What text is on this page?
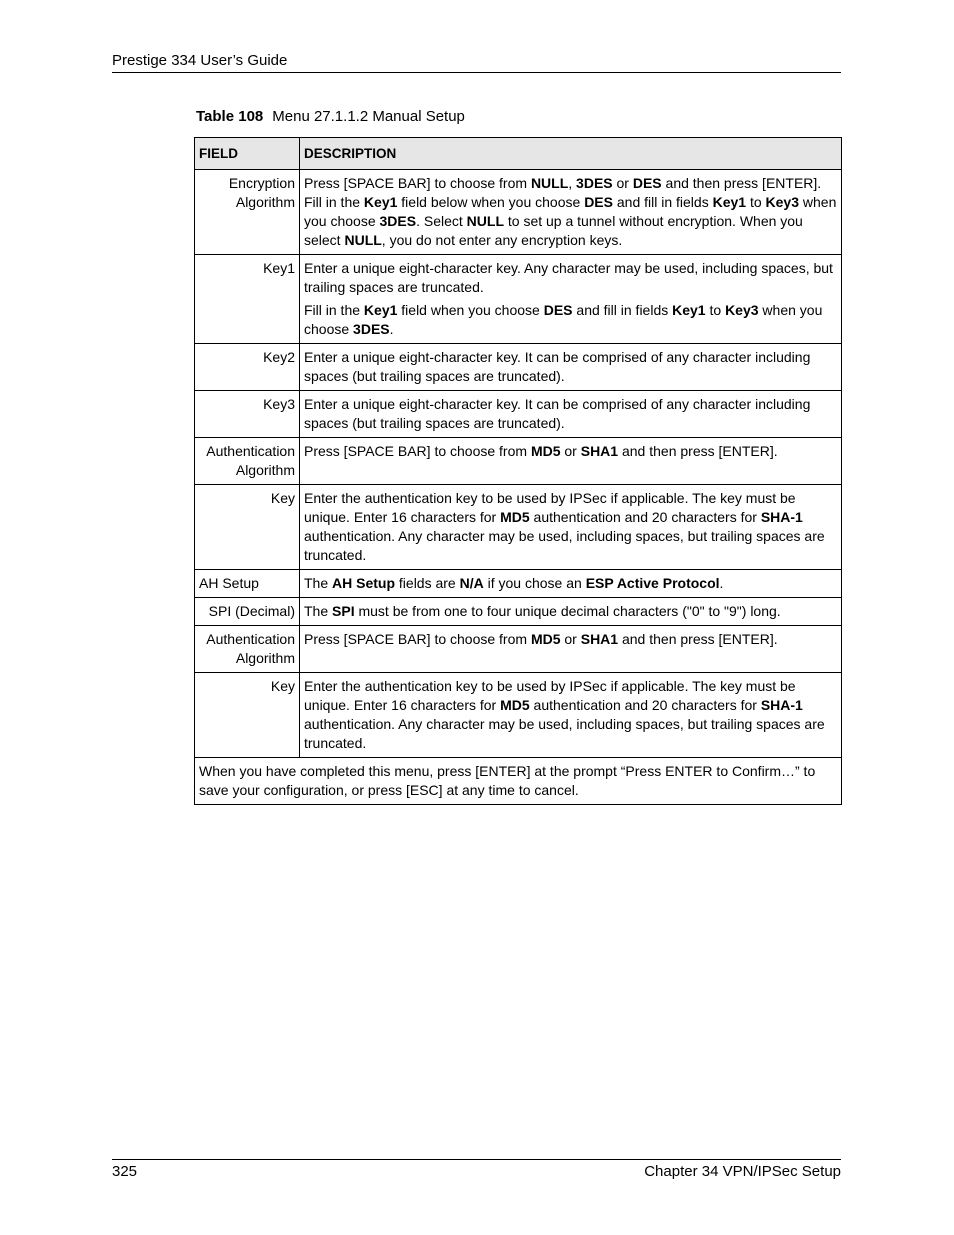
Prestige 334 User’s Guide
Table 108 Menu 27.1.1.2 Manual Setup
FIELD	DESCRIPTION
Encryption Algorithm	Press [SPACE BAR] to choose from NULL, 3DES or DES and then press [ENTER]. Fill in the Key1 field below when you choose DES and fill in fields Key1 to Key3 when you choose 3DES. Select NULL to set up a tunnel without encryption. When you select NULL, you do not enter any encryption keys.

Key1	Enter a unique eight-character key. Any character may be used, including spaces, but trailing spaces are truncated.

Fill in the Key1 field when you choose DES and fill in fields Key1 to Key3 when you choose 3DES.

Key2	Enter a unique eight-character key. It can be comprised of any character including spaces (but trailing spaces are truncated).

Key3	Enter a unique eight-character key. It can be comprised of any character including spaces (but trailing spaces are truncated).

Authentication Algorithm	Press [SPACE BAR] to choose from MD5 or SHA1 and then press [ENTER].

Key	Enter the authentication key to be used by IPSec if applicable. The key must be unique. Enter 16 characters for MD5 authentication and 20 characters for SHA-1 authentication. Any character may be used, including spaces, but trailing spaces are truncated.

AH Setup	The AH Setup fields are N/A if you chose an ESP Active Protocol.

SPI (Decimal)	The SPI must be from one to four unique decimal characters ("0" to "9") long.

Authentication Algorithm	Press [SPACE BAR] to choose from MD5 or SHA1 and then press [ENTER].

Key	Enter the authentication key to be used by IPSec if applicable. The key must be unique. Enter 16 characters for MD5 authentication and 20 characters for SHA-1 authentication. Any character may be used, including spaces, but trailing spaces are truncated.

When you have completed this menu, press [ENTER] at the prompt “Press ENTER to Confirm…” to save your configuration, or press [ESC] at any time to cancel.	
325	Chapter 34 VPN/IPSec Setup
